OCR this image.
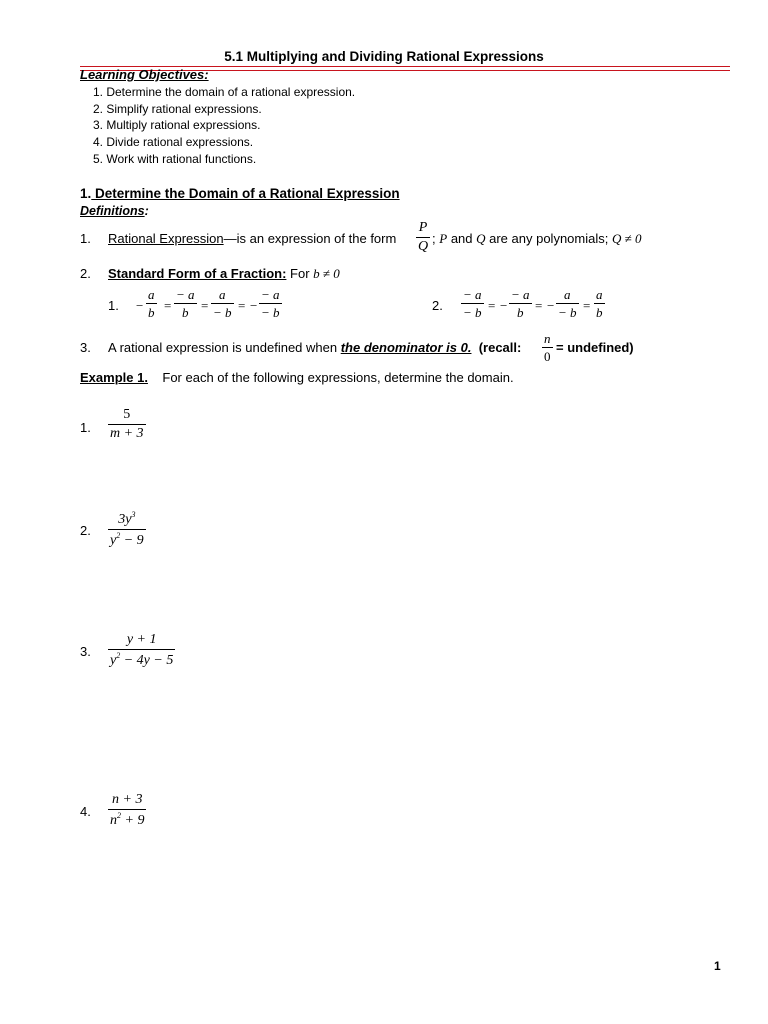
5.1 Multiplying and Dividing Rational Expressions
Learning Objectives:
1. Determine the domain of a rational expression.
2. Simplify rational expressions.
3. Multiply rational expressions.
4. Divide rational expressions.
5. Work with rational functions.
1. Determine the Domain of a Rational Expression
Definitions:
1. Rational Expression—is an expression of the form
P
Q
; P and Q are any polynomials; Q ≠ 0
2. Standard Form of a Fraction: For b ≠ 0
1. −
a
b =
− a
b =
a
− b = −
− a
− b	2.
− a
− b = −
− a
b = −
a
− b =
a
b
3. A rational expression is undefined when the denominator is 0. (recall:
n
0
= undefined)
Example 1. For each of the following expressions, determine the domain.
1.
5
m + 3
2.
$3y^3$
$y^2 - 9$
3.
y + 1
$y^2 - 4y - 5$
4.
n + 3
$n^2 + 9$
1
